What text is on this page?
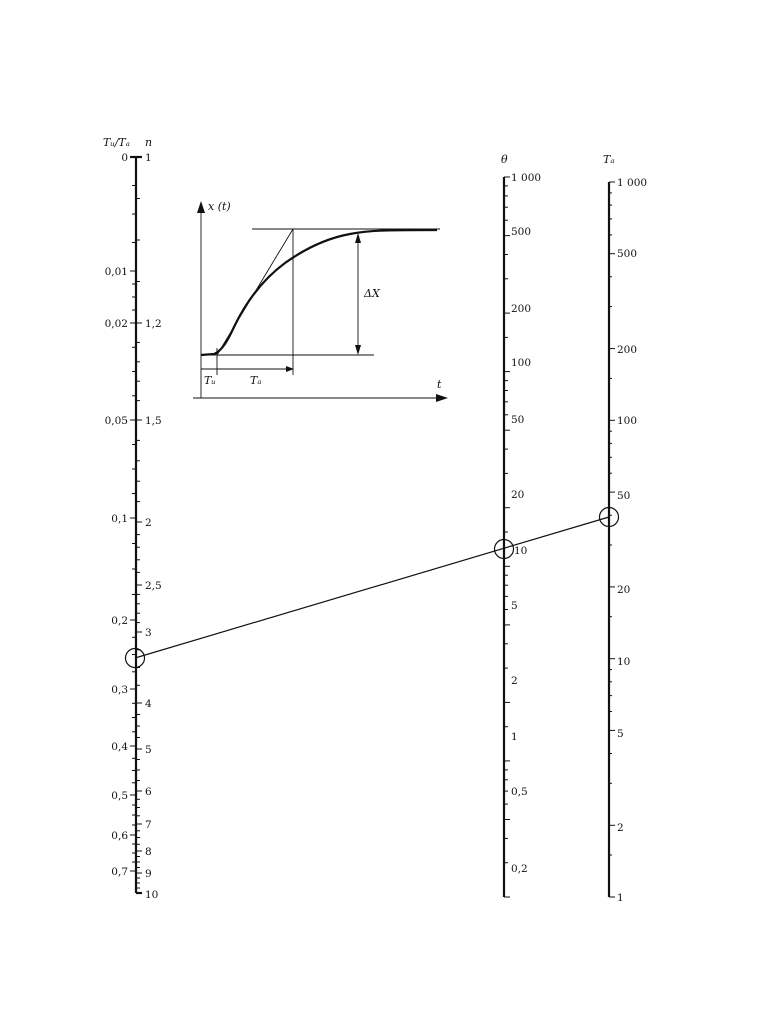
Tᵤ/Tₐ n
θ	Tₐ
0
0,01
0,02
0,05
0,1
0,2
0,3
0,4
0,5
0,6
0,7
1
1,2
1,5
2
2,5
3
4
5
6
7
8
9
10
1 000
500
200
100
50
20
10
5
2
1
0,5
0,2
1 000
500
200
100
50
20
10
5
2
1
x (t)
t
ΔX
Tᵤ	Tₐ
